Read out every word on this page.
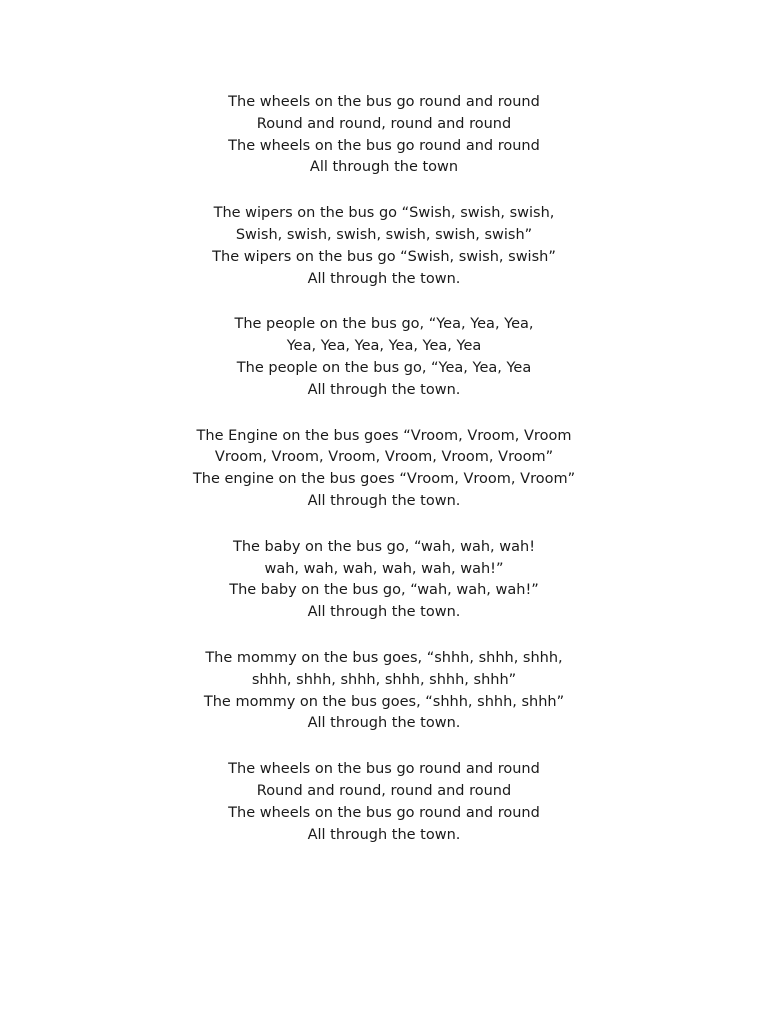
The wheels on the bus go round and round
Round and round, round and round
The wheels on the bus go round and round
All through the town
The wipers on the bus go “Swish, swish, swish,
Swish, swish, swish, swish, swish, swish”
The wipers on the bus go “Swish, swish, swish”
All through the town.
The people on the bus go, “Yea, Yea, Yea,
Yea, Yea, Yea, Yea, Yea, Yea
The people on the bus go, “Yea, Yea, Yea
All through the town.
The Engine on the bus goes “Vroom, Vroom, Vroom
Vroom, Vroom, Vroom, Vroom, Vroom, Vroom”
The engine on the bus goes “Vroom, Vroom, Vroom”
All through the town.
The baby on the bus go, “wah, wah, wah!
wah, wah, wah, wah, wah, wah!”
The baby on the bus go, “wah, wah, wah!”
All through the town.
The mommy on the bus goes, “shhh, shhh, shhh,
shhh, shhh, shhh, shhh, shhh, shhh”
The mommy on the bus goes, “shhh, shhh, shhh”
All through the town.
The wheels on the bus go round and round
Round and round, round and round
The wheels on the bus go round and round
All through the town.
